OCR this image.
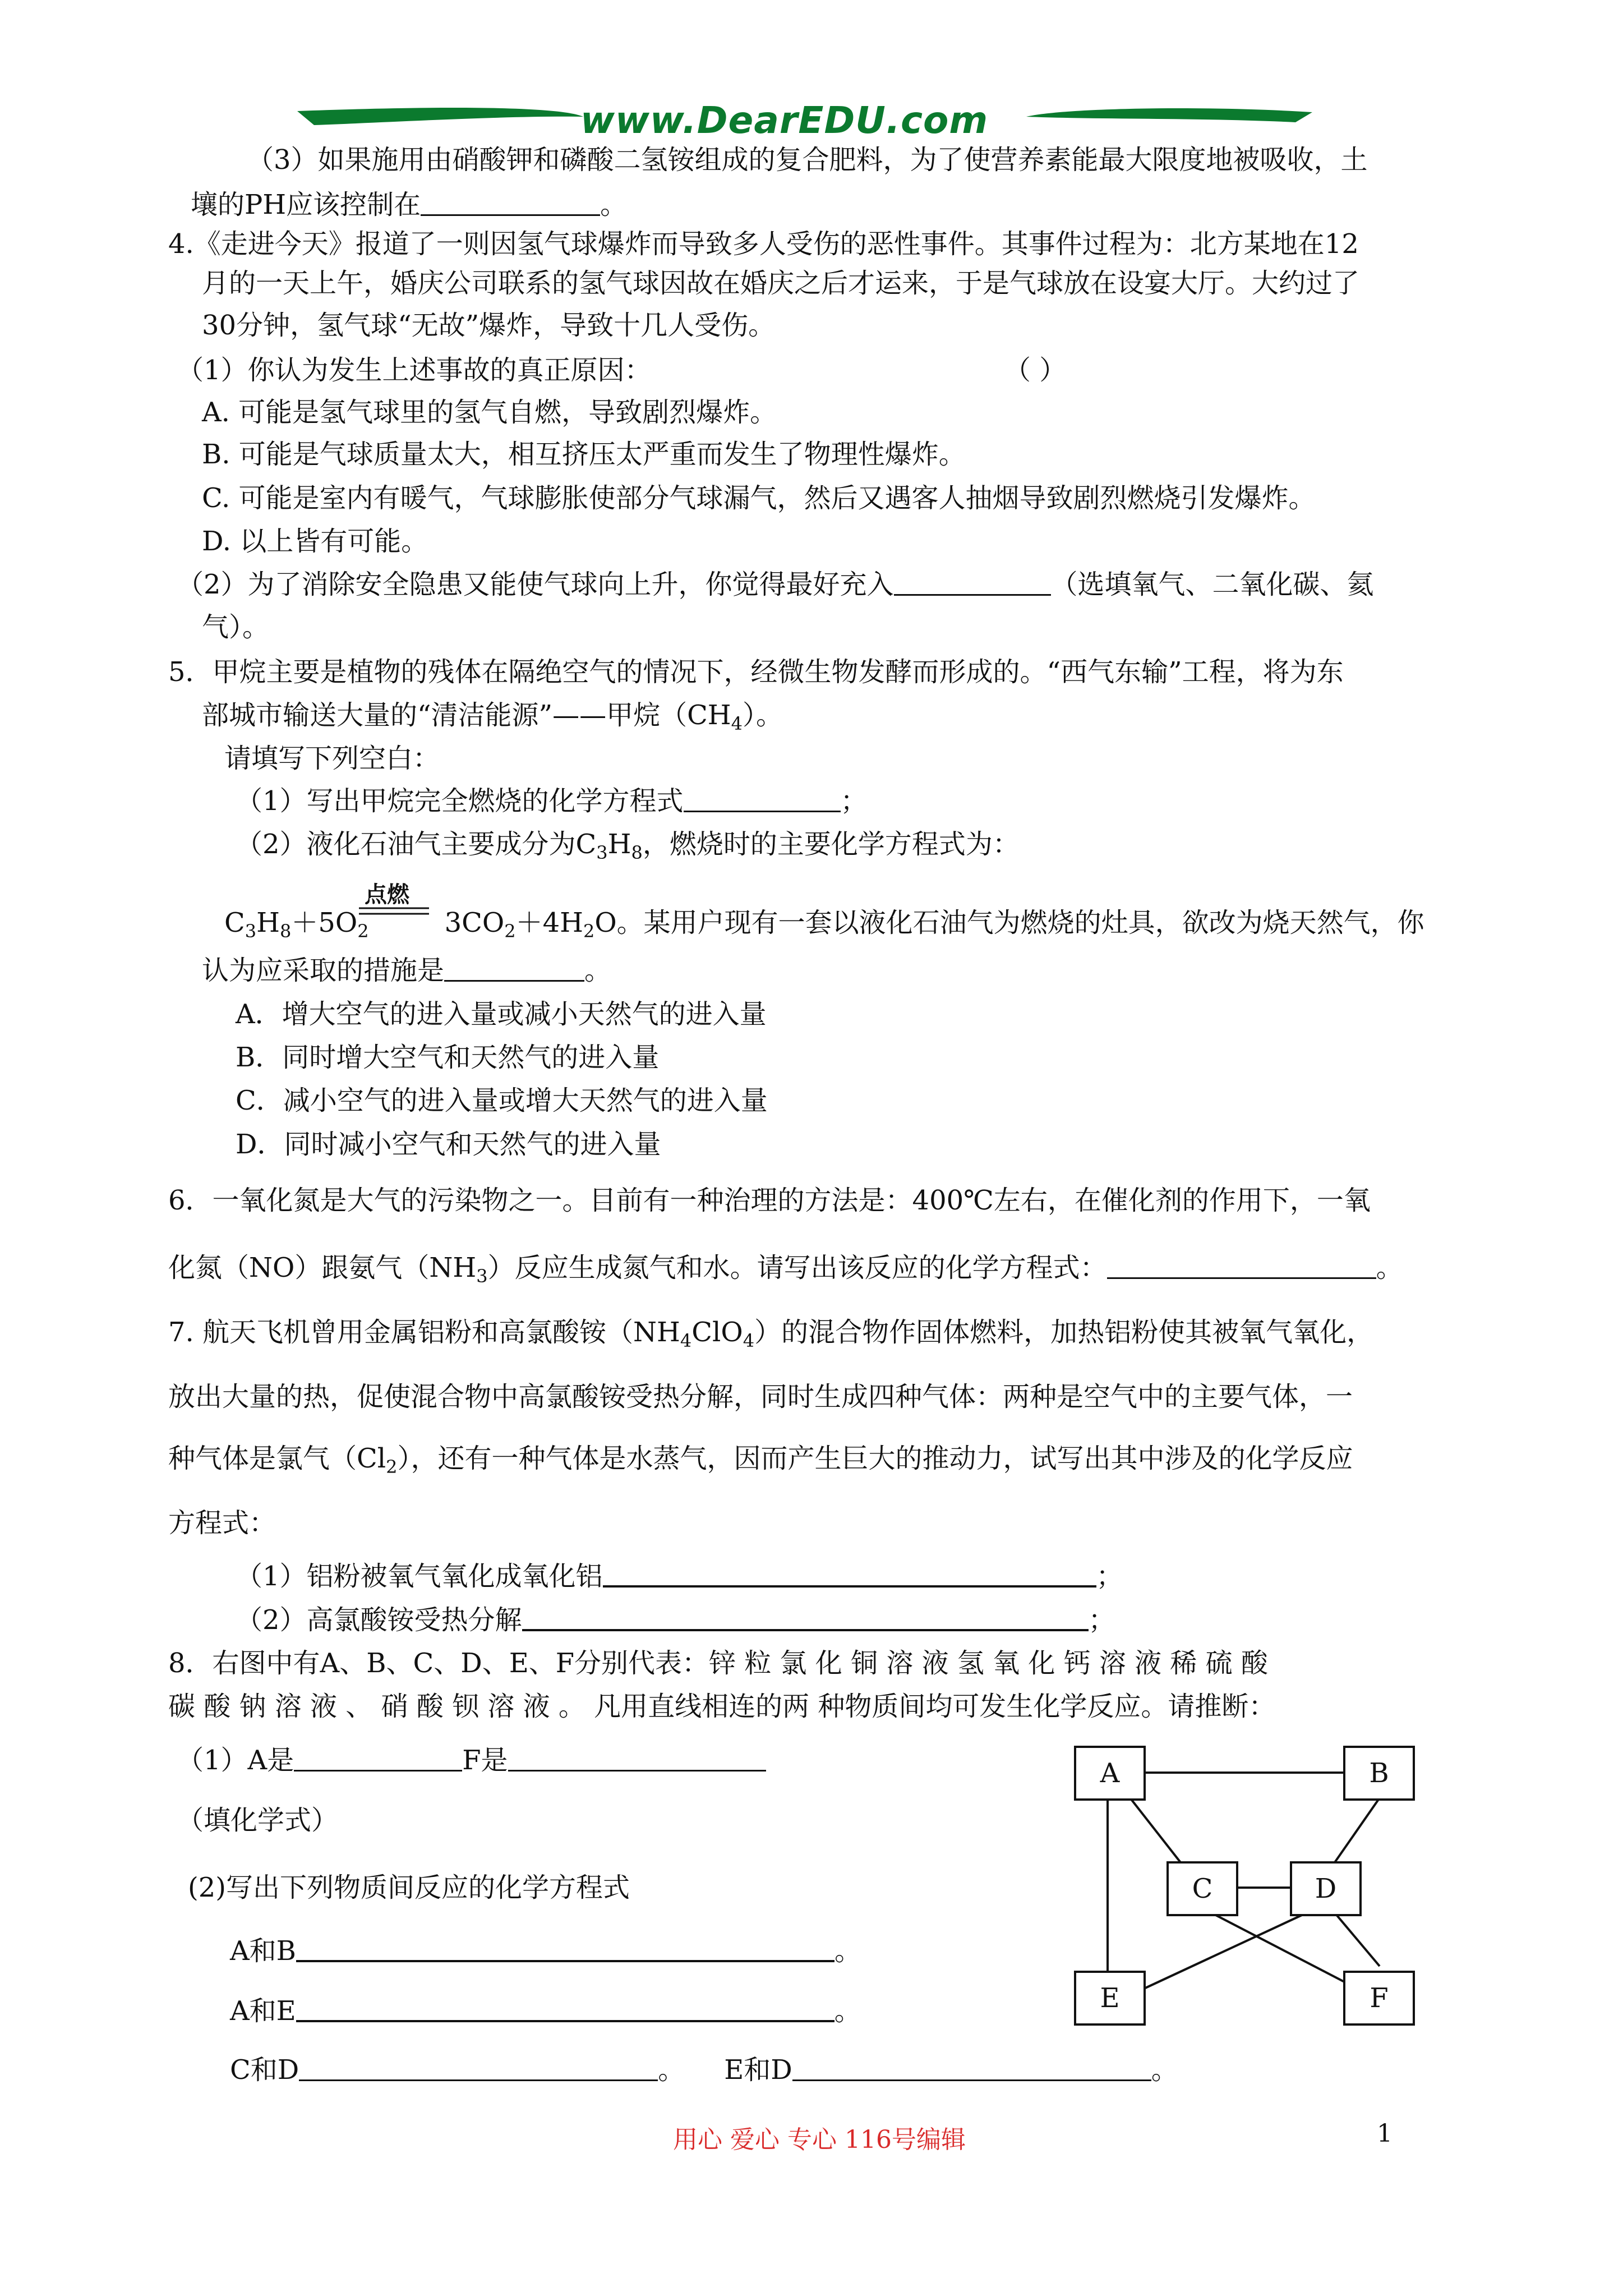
www.DearEDU.com
（3）如果施用由硝酸钾和磷酸二氢铵组成的复合肥料，为了使营养素能最大限度地被吸收，土
壤的PH应该控制在	。
4.《走进今天》报道了一则因氢气球爆炸而导致多人受伤的恶性事件。其事件过程为：北方某地在12
月的一天上午，婚庆公司联系的氢气球因故在婚庆之后才运来，于是气球放在设宴大厅。大约过了
30分钟，氢气球“无故”爆炸，导致十几人受伤。
（1）你认为发生上述事故的真正原因：	（ ）
A. 可能是氢气球里的氢气自燃，导致剧烈爆炸。
B. 可能是气球质量太大，相互挤压太严重而发生了物理性爆炸。
C. 可能是室内有暖气，气球膨胀使部分气球漏气，然后又遇客人抽烟导致剧烈燃烧引发爆炸。
D. 以上皆有可能。
（2）为了消除安全隐患又能使气球向上升，你觉得最好充入	（选填氧气、二氧化碳、氦
气）。
5．甲烷主要是植物的残体在隔绝空气的情况下，经微生物发酵而形成的。“西气东输”工程，将为东
部城市输送大量的“清洁能源”——甲烷$(CH_4)$。
请填写下列空白：
（1）写出甲烷完全燃烧的化学方程式	；
（2）液化石油气主要成分为$C_3H_8$，燃烧时的主要化学方程式为：
点燃
$C_3H_8+5O_2$	$3CO_2+4H_2O$。某用户现有一套以液化石油气为燃烧的灶具，欲改为烧天然气，你
认为应采取的措施是	。
A．增大空气的进入量或减小天然气的进入量
B．同时增大空气和天然气的进入量
C．减小空气的进入量或增大天然气的进入量
D．同时减小空气和天然气的进入量
6．一氧化氮是大气的污染物之一。目前有一种治理的方法是：400℃左右，在催化剂的作用下，一氧
化氮（NO）跟氨气$(NH_3)$反应生成氮气和水。请写出该反应的化学方程式：	。
7. 航天飞机曾用金属铝粉和高氯酸铵$(NH_4ClO_4)$的混合物作固体燃料，加热铝粉使其被氧气氧化，
放出大量的热，促使混合物中高氯酸铵受热分解，同时生成四种气体：两种是空气中的主要气体，一
种气体是氯气$(Cl_2)$，还有一种气体是水蒸气，因而产生巨大的推动力，试写出其中涉及的化学反应
方程式：
（1）铝粉被氧气氧化成氧化铝	；
（2）高氯酸铵受热分解	；
8．右图中有A、B、C、D、E、F分别代表：锌 粒 氯 化 铜 溶 液 氢 氧 化 钙 溶 液 稀 硫 酸
碳 酸 钠 溶 液 、 硝 酸 钡 溶 液 。 凡用直线相连的两 种物质间均可发生化学反应。请推断：
（1）A是	F是
（填化学式）
(2)写出下列物质间反应的化学方程式
A和B	。
A和E	。
C和D	。 E和D	。
A	B
C	D
E	F
用心 爱心 专心 116号编辑	1
